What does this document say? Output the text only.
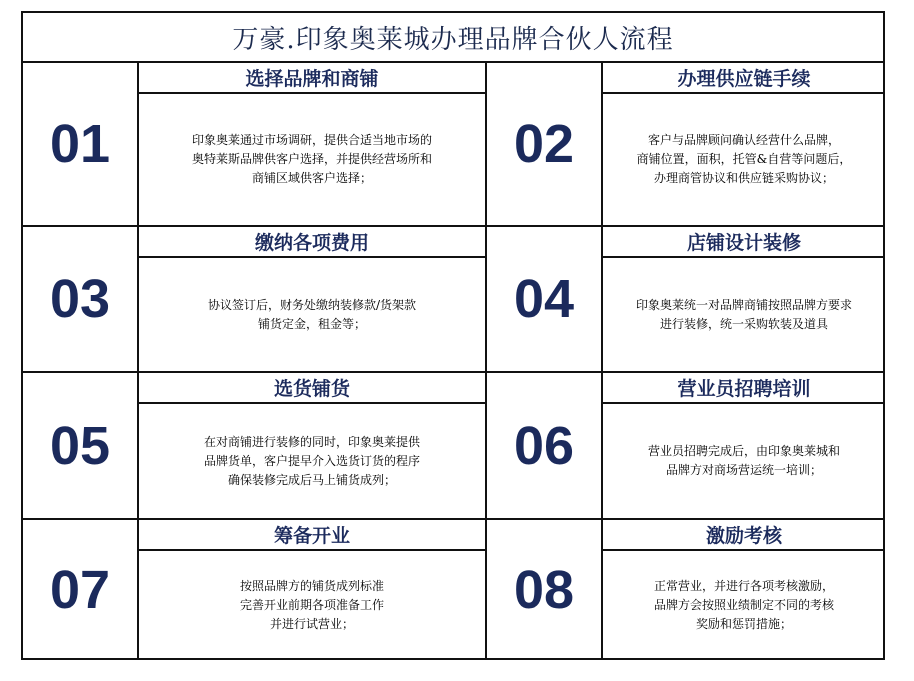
万豪.印象奥莱城办理品牌合伙人流程
01
选择品牌和商铺
印象奥莱通过市场调研，提供合适当地市场的
奥特莱斯品牌供客户选择，并提供经营场所和
商铺区域供客户选择；
02
办理供应链手续
客户与品牌顾问确认经营什么品牌，
商铺位置，面积，托管&自营等问题后，
办理商管协议和供应链采购协议；
03
缴纳各项费用
协议签订后，财务处缴纳装修款/货架款
铺货定金，租金等；	04
店铺设计装修
印象奥莱统一对品牌商铺按照品牌方要求
进行装修，统一采购软装及道具
05
选货铺货
在对商铺进行装修的同时，印象奥莱提供
品牌货单，客户提早介入选货订货的程序
确保装修完成后马上铺货成列；
06
营业员招聘培训
营业员招聘完成后，由印象奥莱城和
品牌方对商场营运统一培训；
07
筹备开业
按照品牌方的铺货成列标准
完善开业前期各项准备工作
并进行试营业；
08
激励考核
正常营业，并进行各项考核激励，
品牌方会按照业绩制定不同的考核
奖励和惩罚措施；
